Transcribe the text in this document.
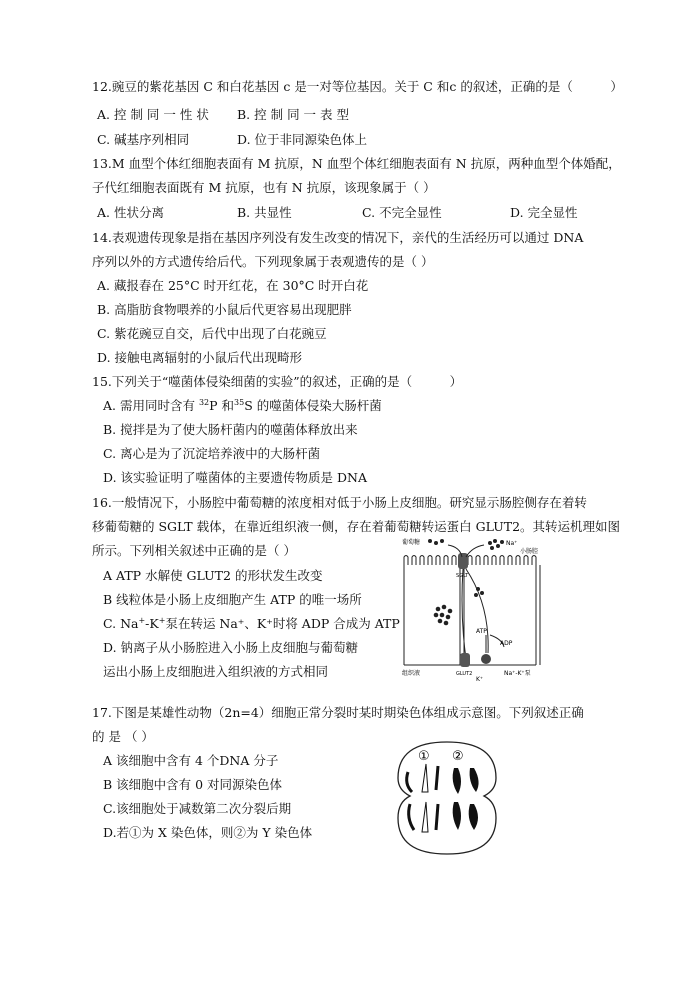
12.豌豆的紫花基因 C 和白花基因 c 是一对等位基因。关于 C 和c 的叙述，正确的是（　　　）
A. 控 制 同 一 性 状 B. 控 制 同 一 表 型
C. 碱基序列相同	D. 位于非同源染色体上
13.M 血型个体红细胞表面有 M 抗原，N 血型个体红细胞表面有 N 抗原，两种血型个体婚配，
子代红细胞表面既有 M 抗原，也有 N 抗原，该现象属于（ ）
A. 性状分离	B. 共显性	C. 不完全显性	D. 完全显性
14.表观遗传现象是指在基因序列没有发生改变的情况下，亲代的生活经历可以通过 DNA
序列以外的方式遗传给后代。下列现象属于表观遗传的是（ ）
A. 藏报春在 25°C 时开红花，在 30°C 时开白花
B. 高脂肪食物喂养的小鼠后代更容易出现肥胖
C. 紫花豌豆自交，后代中出现了白花豌豆
D. 接触电离辐射的小鼠后代出现畸形
15.下列关于“噬菌体侵染细菌的实验”的叙述，正确的是（　　　）
A. 需用同时含有 $^{32}$P 和$^{35}$S 的噬菌体侵染大肠杆菌
B. 搅拌是为了使大肠杆菌内的噬菌体释放出来
C. 离心是为了沉淀培养液中的大肠杆菌
D. 该实验证明了噬菌体的主要遗传物质是 DNA
16.一般情况下，小肠腔中葡萄糖的浓度相对低于小肠上皮细胞。研究显示肠腔侧存在着转
移葡萄糖的 SGLT 载体，在靠近组织液一侧，存在着葡萄糖转运蛋白 GLUT2。其转运机理如图
所示。下列相关叙述中正确的是（ ）
A ATP 水解使 GLUT2 的形状发生改变
B 线粒体是小肠上皮细胞产生 ATP 的唯一场所
C. Na+-K+泵在转运 Na⁺、K⁺时将 ADP 合成为 ATP
D. 钠离子从小肠腔进入小肠上皮细胞与葡萄糖
运出小肠上皮细胞进入组织液的方式相同
葡萄糖	Na⁺
小肠腔
SGLT
ATP
ADP
组织液	GLUT2
K⁺
Na⁺-K⁺泵
17.下图是某雄性动物（2n=4）细胞正常分裂时某时期染色体组成示意图。下列叙述正确
的 是 （ ）
A 该细胞中含有 4 个DNA 分子
B 该细胞中含有 0 对同源染色体
C.该细胞处于减数第二次分裂后期
D.若①为 X 染色体，则②为 Y 染色体
① ②
